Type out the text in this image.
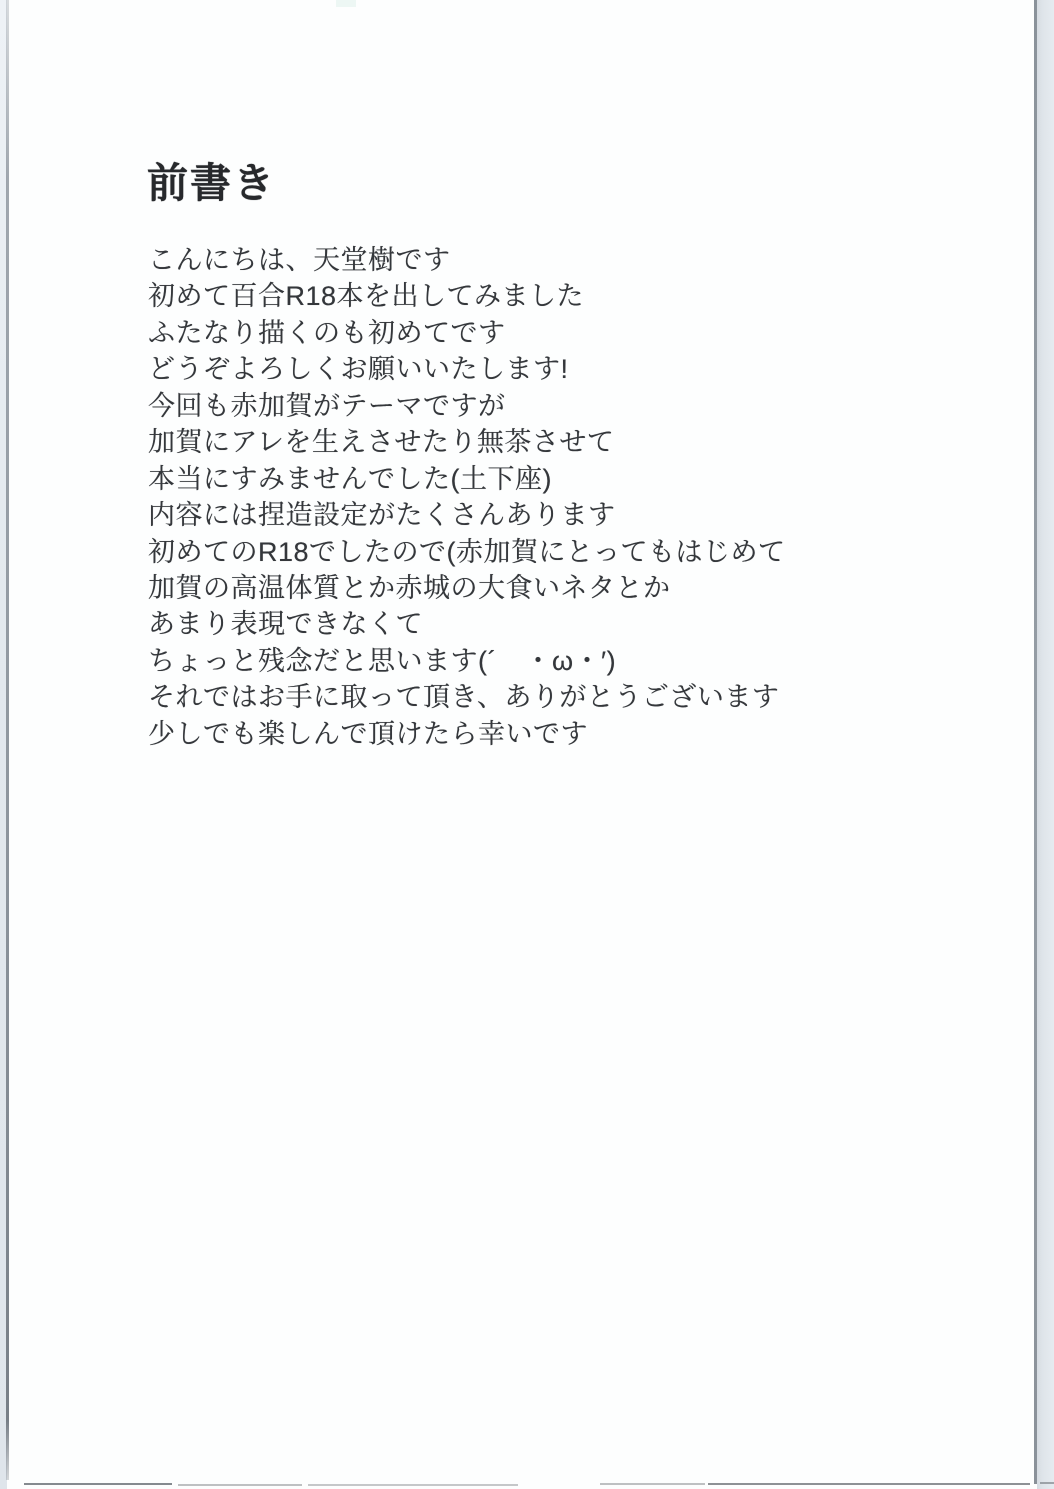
前書き
こんにちは、天堂樹です
初めて百合R18本を出してみました
ふたなり描くのも初めてです
どうぞよろしくお願いいたします!
今回も赤加賀がテーマですが
加賀にアレを生えさせたり無茶させて
本当にすみませんでした(土下座)
内容には捏造設定がたくさんあります
初めてのR18でしたので(赤加賀にとってもはじめて
加賀の高温体質とか赤城の大食いネタとか
あまり表現できなくて
ちょっと残念だと思います(´　・ω・′)
それではお手に取って頂き、ありがとうございます
少しでも楽しんで頂けたら幸いです
